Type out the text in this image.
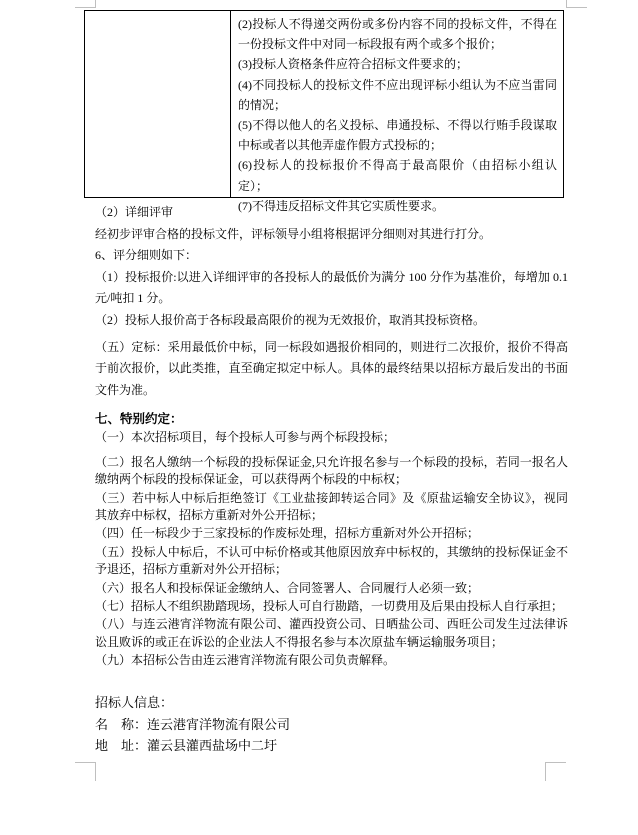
(2)投标人不得递交两份或多份内容不同的投标文件，不得在一份投标文件中对同一标段报有两个或多个报价；

(3)投标人资格条件应符合招标文件要求的；

(4)不同投标人的投标文件不应出现评标小组认为不应当雷同的情况；

(5)不得以他人的名义投标、串通投标、不得以行贿手段谋取中标或者以其他弄虚作假方式投标的；

(6)投标人的投标报价不得高于最高限价（由招标小组认定）；

(7)不得违反招标文件其它实质性要求。

（2）详细评审

经初步评审合格的投标文件，评标领导小组将根据评分细则对其进行打分。

6、评分细则如下：

（1）投标报价:以进入详细评审的各投标人的最低价为满分 100 分作为基准价，每增加 0.1 元/吨扣 1 分。

（2）投标人报价高于各标段最高限价的视为无效报价，取消其投标资格。

（五）定标：采用最低价中标，同一标段如遇报价相同的，则进行二次报价，报价不得高于前次报价，以此类推，直至确定拟定中标人。具体的最终结果以招标方最后发出的书面文件为准。

七、特别约定：

（一）本次招标项目，每个投标人可参与两个标段投标；

（二）报名人缴纳一个标段的投标保证金,只允许报名参与一个标段的投标，若同一报名人缴纳两个标段的投标保证金，可以获得两个标段的中标权；

（三）若中标人中标后拒绝签订《工业盐接卸转运合同》及《原盐运输安全协议》，视同其放弃中标权，招标方重新对外公开招标；

（四）任一标段少于三家投标的作废标处理，招标方重新对外公开招标；

（五）投标人中标后，不认可中标价格或其他原因放弃中标权的，其缴纳的投标保证金不予退还，招标方重新对外公开招标；

（六）报名人和投标保证金缴纳人、合同签署人、合同履行人必须一致；

（七）招标人不组织勘踏现场，投标人可自行勘踏，一切费用及后果由投标人自行承担；

（八）与连云港宵洋物流有限公司、灌西投资公司、日晒盐公司、西旺公司发生过法律诉讼且败诉的或正在诉讼的企业法人不得报名参与本次原盐车辆运输服务项目；

（九）本招标公告由连云港宵洋物流有限公司负责解释。

招标人信息：
名　称：连云港宵洋物流有限公司
地　址：灌云县灌西盐场中二圩
